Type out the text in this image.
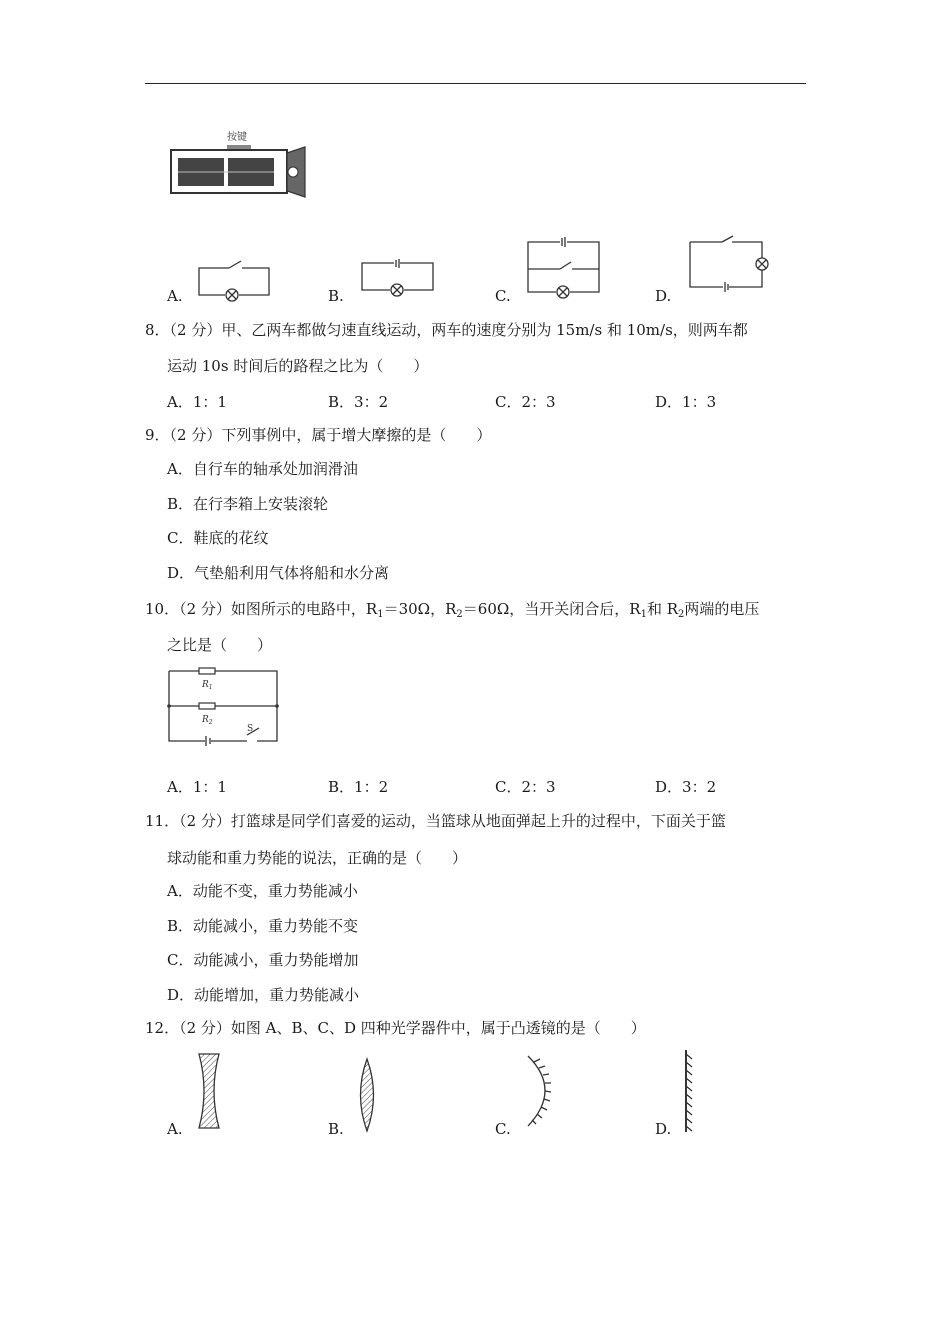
按键
A.	B.	C.	D.
8．（2 分）甲、乙两车都做匀速直线运动，两车的速度分别为 15m/s 和 10m/s，则两车都
运动 10s 时间后的路程之比为（　　）
A．1：1	B．3：2	C．2：3	D．1：3
9．（2 分）下列事例中，属于增大摩擦的是（　　）
A．自行车的轴承处加润滑油
B．在行李箱上安装滚轮
C．鞋底的花纹
D．气垫船利用气体将船和水分离
10．（2 分）如图所示的电路中，$R_1=30\Omega$，$R_2=60\Omega$，当开关闭合后，$R_1$和 $R_2$两端的电压
之比是（　　）
$R_1$
$R_2$
S
A．1：1	B．1：2	C．2：3	D．3：2
11．（2 分）打篮球是同学们喜爱的运动，当篮球从地面弹起上升的过程中，下面关于篮
球动能和重力势能的说法，正确的是（　　）
A．动能不变，重力势能减小
B．动能减小，重力势能不变
C．动能减小，重力势能增加
D．动能增加，重力势能减小
12．（2 分）如图 A、B、C、D 四种光学器件中，属于凸透镜的是（　　）
A.	B.	C.	D.
